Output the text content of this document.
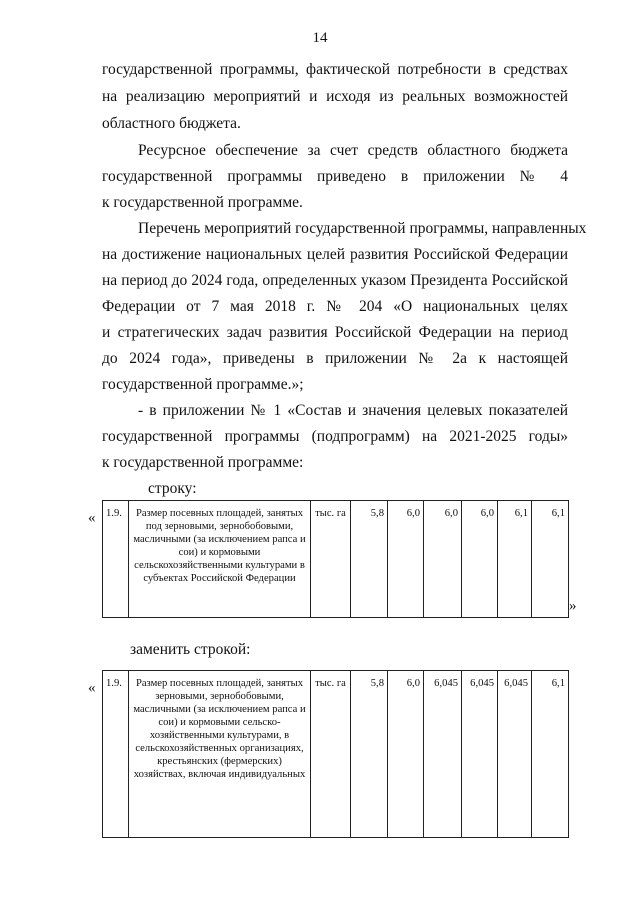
14
государственной программы, фактической потребности в средствах
на реализацию мероприятий и исходя из реальных возможностей
областного бюджета.
Ресурсное обеспечение за счет средств областного бюджета
государственной программы приведено в приложении № 4
к государственной программе.
Перечень мероприятий государственной программы, направленных
на достижение национальных целей развития Российской Федерации
на период до 2024 года, определенных указом Президента Российской
Федерации от 7 мая 2018 г. № 204 «О национальных целях
и стратегических задач развития Российской Федерации на период
до 2024 года», приведены в приложении № 2а к настоящей
государственной программе.»;
- в приложении № 1 «Состав и значения целевых показателей
государственной программы (подпрограмм) на 2021-2025 годы»
к государственной программе:
строку:
« 1.9.	Размер посевных площадей, занятых под зерновыми, зернобобовыми, масличными (за исключением рапса и сои) и кормовыми сельскохозяйственными культурами в субъектах Российской Федерации	тыс. га	5,8	6,0	6,0	6,0	6,1	6,1
»
заменить строкой:
« 1.9.	Размер посевных площадей, занятых зерновыми, зернобобовыми, масличными (за исключением рапса и сои) и кормовыми сельско-хозяйственными культурами, в сельскохозяйственных организациях, крестьянских (фермерских) хозяйствах, включая индивидуальных	тыс. га	5,8	6,0	6,045	6,045	6,045	6,1
